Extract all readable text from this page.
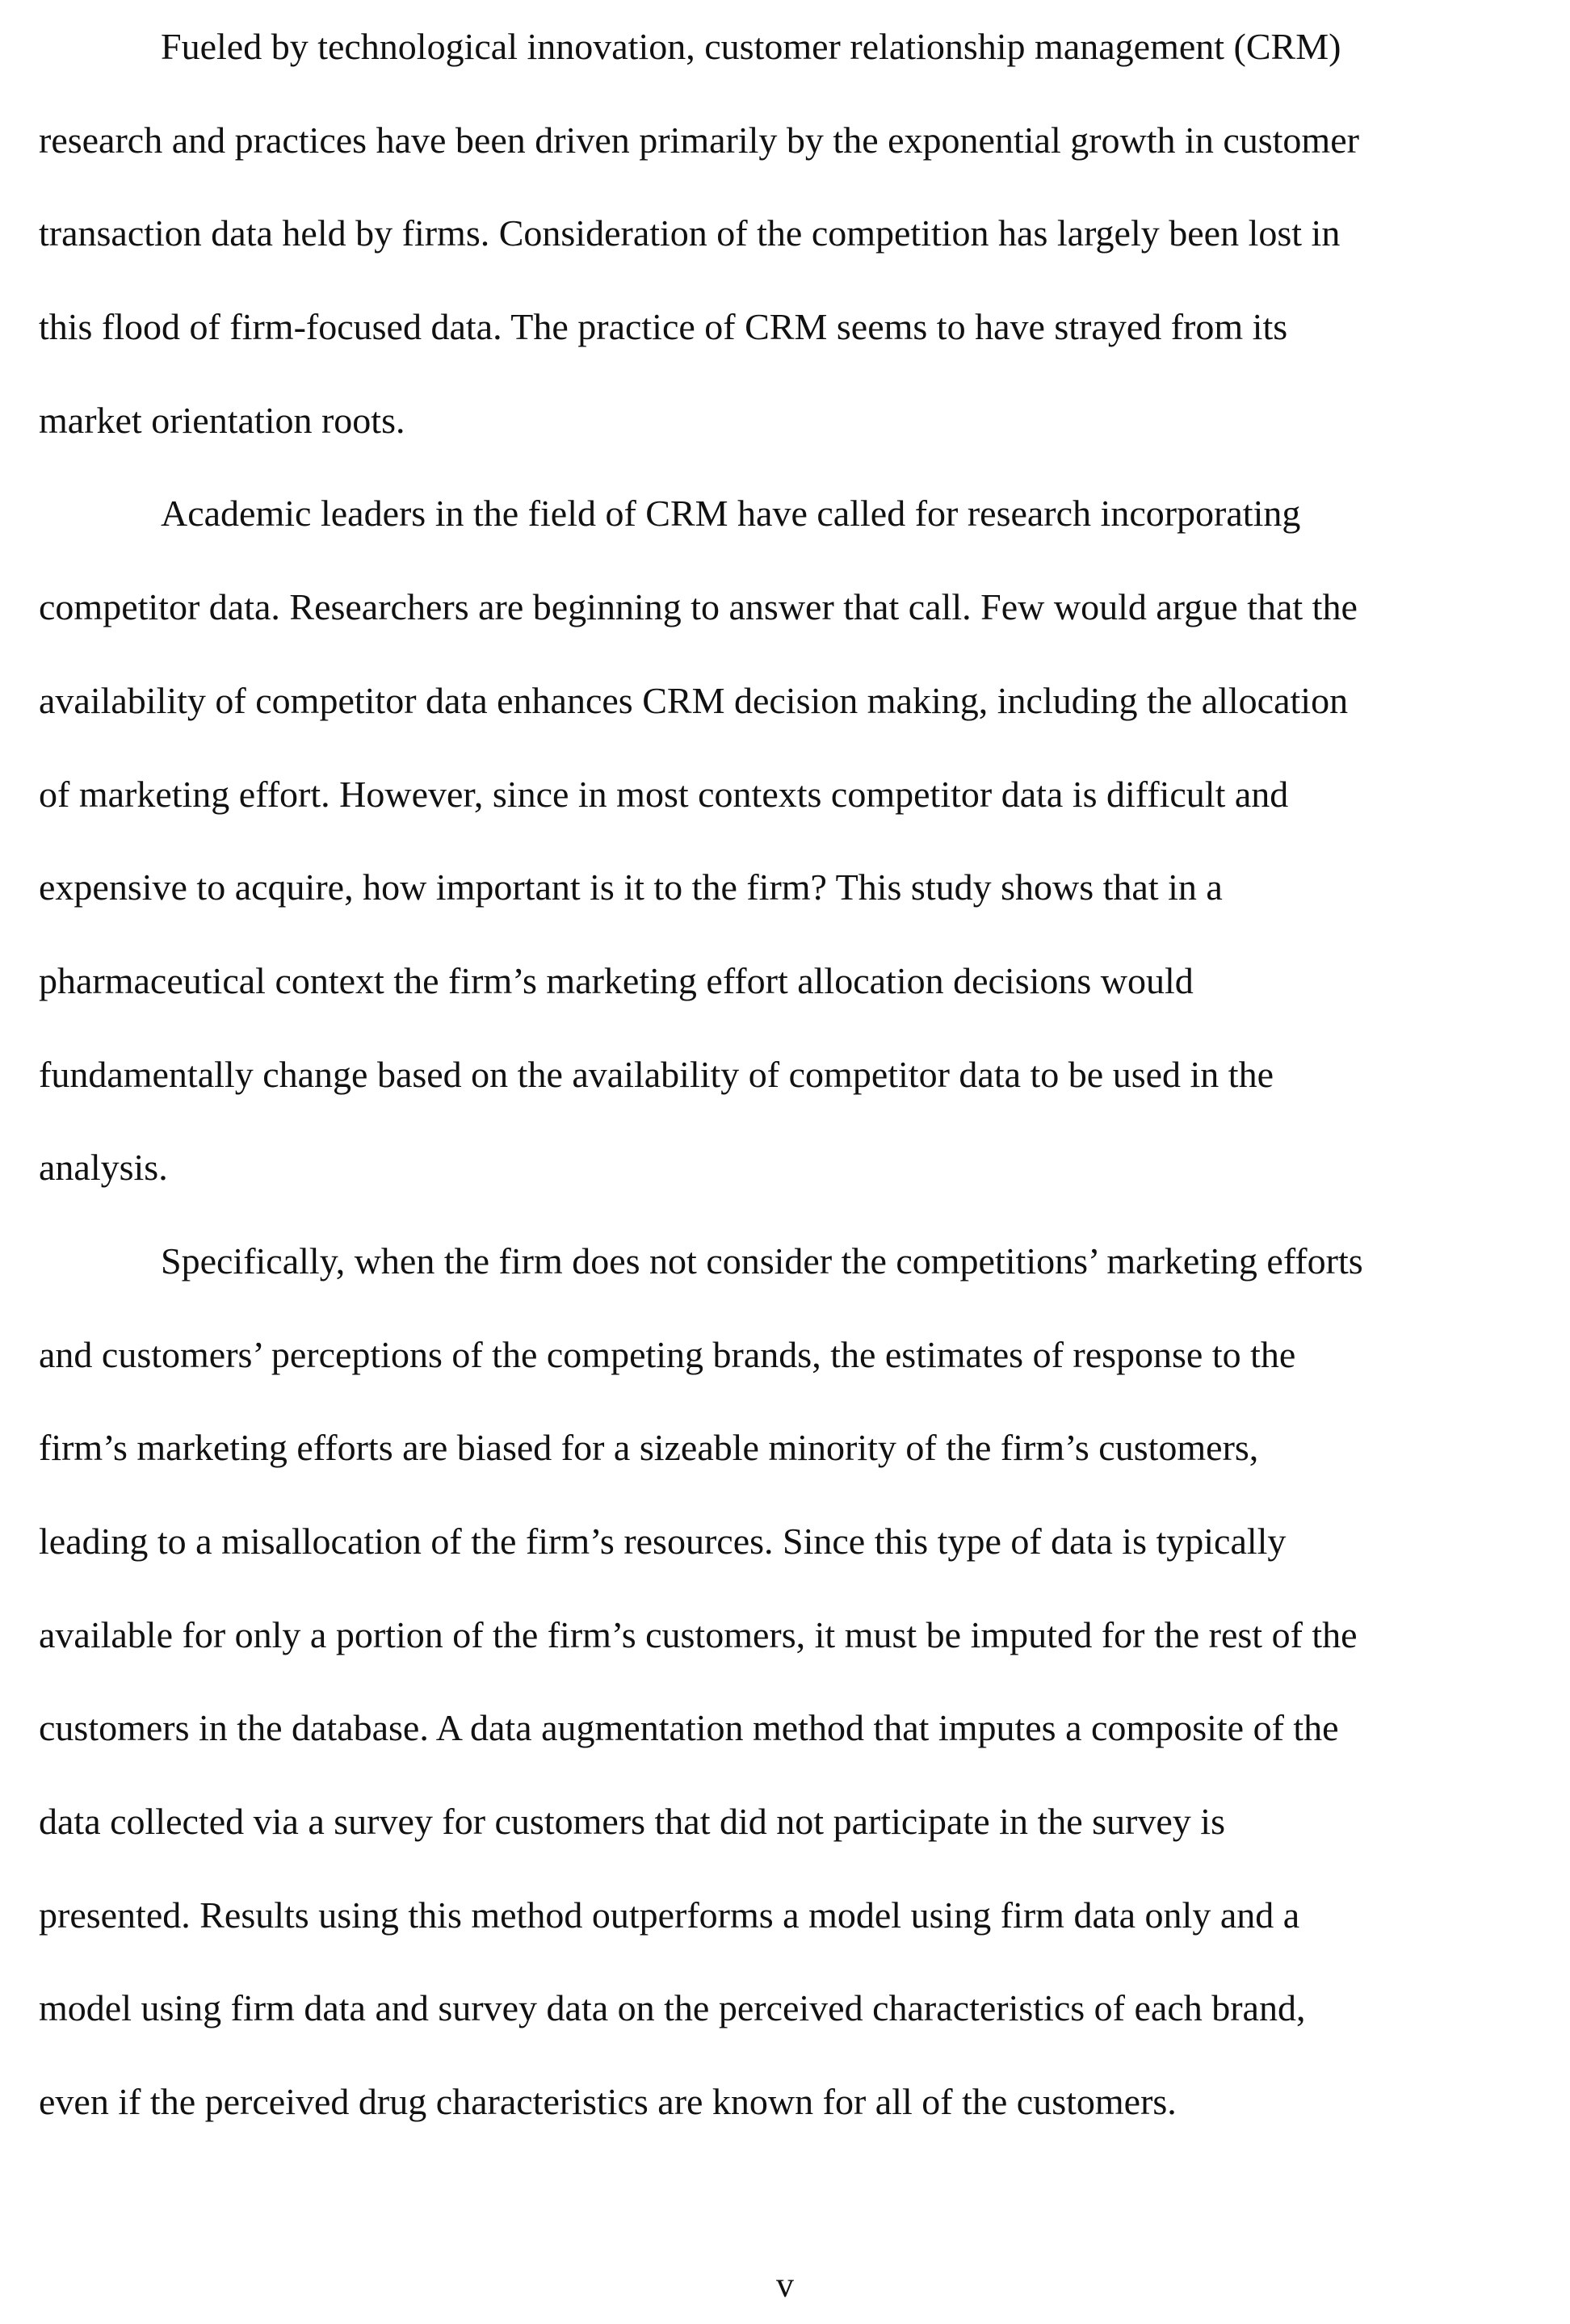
Fueled by technological innovation, customer relationship management (CRM)
research and practices have been driven primarily by the exponential growth in customer
transaction data held by firms. Consideration of the competition has largely been lost in
this flood of firm-focused data. The practice of CRM seems to have strayed from its
market orientation roots.
Academic leaders in the field of CRM have called for research incorporating
competitor data. Researchers are beginning to answer that call. Few would argue that the
availability of competitor data enhances CRM decision making, including the allocation
of marketing effort. However, since in most contexts competitor data is difficult and
expensive to acquire, how important is it to the firm? This study shows that in a
pharmaceutical context the firm’s marketing effort allocation decisions would
fundamentally change based on the availability of competitor data to be used in the
analysis.
Specifically, when the firm does not consider the competitions’ marketing efforts
and customers’ perceptions of the competing brands, the estimates of response to the
firm’s marketing efforts are biased for a sizeable minority of the firm’s customers,
leading to a misallocation of the firm’s resources. Since this type of data is typically
available for only a portion of the firm’s customers, it must be imputed for the rest of the
customers in the database. A data augmentation method that imputes a composite of the
data collected via a survey for customers that did not participate in the survey is
presented. Results using this method outperforms a model using firm data only and a
model using firm data and survey data on the perceived characteristics of each brand,
even if the perceived drug characteristics are known for all of the customers.
v
